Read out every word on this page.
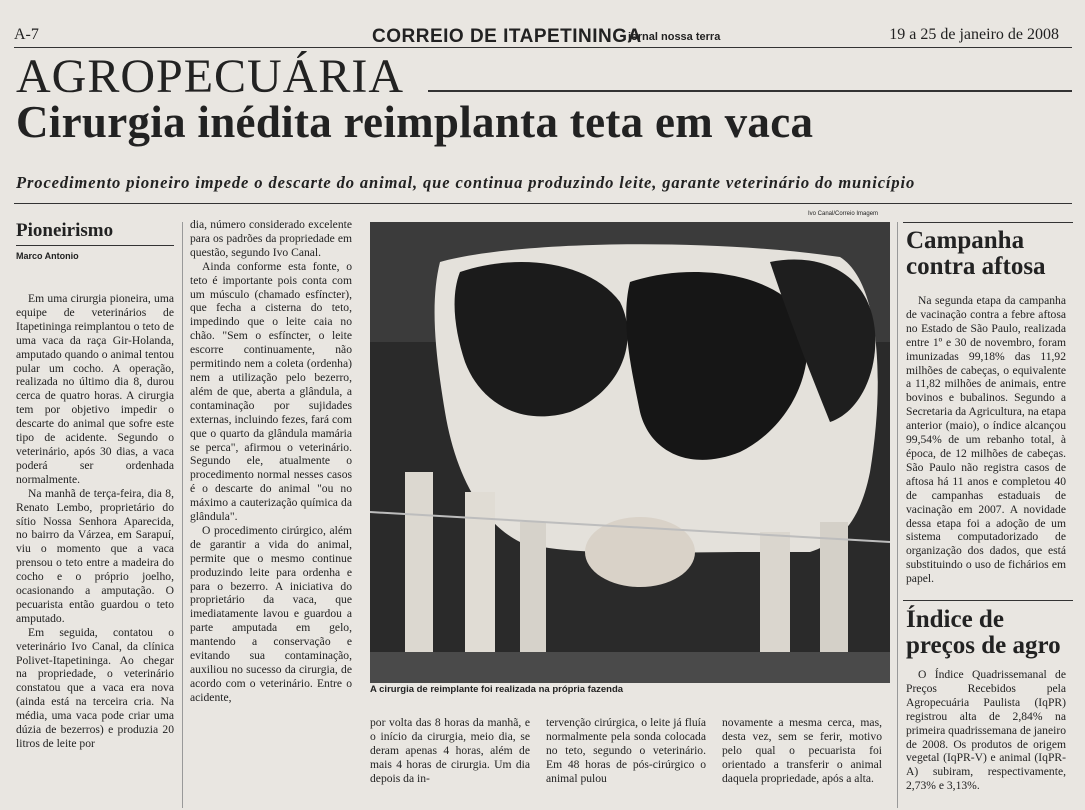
A-7	CORREIO DE ITAPETININGA
jornal nossa terra	19 a 25 de janeiro de 2008
AGROPECUÁRIA
Cirurgia inédita reimplanta teta em vaca
Procedimento pioneiro impede o descarte do animal, que continua produzindo leite, garante veterinário do município
Pioneirismo
Marco Antonio

Em uma cirurgia pioneira, uma equipe de veterinários de Itapetininga reimplantou o teto de uma vaca da raça Gir-Holanda, amputado quando o animal tentou pular um cocho. A operação, realizada no último dia 8, durou cerca de quatro horas. A cirurgia tem por objetivo impedir o descarte do animal que sofre este tipo de acidente. Segundo o veterinário, após 30 dias, a vaca poderá ser ordenhada normalmente.

Na manhã de terça-feira, dia 8, Renato Lembo, proprietário do sítio Nossa Senhora Aparecida, no bairro da Várzea, em Sarapuí, viu o momento que a vaca prensou o teto entre a madeira do cocho e o próprio joelho, ocasionando a amputação. O pecuarista então guardou o teto amputado.

Em seguida, contatou o veterinário Ivo Canal, da clínica Polivet-Itapetininga. Ao chegar na propriedade, o veterinário constatou que a vaca era nova (ainda está na terceira cria. Na média, uma vaca pode criar uma dúzia de bezerros) e produzia 20 litros de leite por

dia, número considerado excelente para os padrões da propriedade em questão, segundo Ivo Canal.

Ainda conforme esta fonte, o teto é importante pois conta com um músculo (chamado esfíncter), que fecha a cisterna do teto, impedindo que o leite caia no chão. "Sem o esfíncter, o leite escorre continuamente, não permitindo nem a coleta (ordenha) nem a utilização pelo bezerro, além de que, aberta a glândula, a contaminação por sujidades externas, incluindo fezes, fará com que o quarto da glândula mamária se perca", afirmou o veterinário. Segundo ele, atualmente o procedimento normal nesses casos é o descarte do animal "ou no máximo a cauterização química da glândula".

O procedimento cirúrgico, além de garantir a vida do animal, permite que o mesmo continue produzindo leite para ordenha e para o bezerro. A iniciativa do proprietário da vaca, que imediatamente lavou e guardou a parte amputada em gelo, mantendo a conservação e evitando sua contaminação, auxiliou no sucesso da cirurgia, de acordo com o veterinário. Entre o acidente,

Ivo Canal/Correio Imagem
A cirurgia de reimplante foi realizada na própria fazenda

por volta das 8 horas da manhã, e o início da cirurgia, meio dia, se deram apenas 4 horas, além de mais 4 horas de cirurgia. Um dia depois da in-

tervenção cirúrgica, o leite já fluía normalmente pela sonda colocada no teto, segundo o veterinário. Em 48 horas de pós-cirúrgico o animal pulou

novamente a mesma cerca, mas, desta vez, sem se ferir, motivo pelo qual o pecuarista foi orientado a transferir o animal daquela propriedade, após a alta.

Campanha
contra aftosa

Na segunda etapa da campanha de vacinação contra a febre aftosa no Estado de São Paulo, realizada entre 1º e 30 de novembro, foram imunizadas 99,18% das 11,92 milhões de cabeças, o equivalente a 11,82 milhões de animais, entre bovinos e bubalinos. Segundo a Secretaria da Agricultura, na etapa anterior (maio), o índice alcançou 99,54% de um rebanho total, à época, de 12 milhões de cabeças. São Paulo não registra casos de aftosa há 11 anos e completou 40 de campanhas estaduais de vacinação em 2007. A novidade dessa etapa foi a adoção de um sistema computadorizado de organização dos dados, que está substituindo o uso de fichários em papel.

Índice de
preços de agro

O Índice Quadrissemanal de Preços Recebidos pela Agropecuária Paulista (IqPR) registrou alta de 2,84% na primeira quadrissemana de janeiro de 2008. Os produtos de origem vegetal (IqPR-V) e animal (IqPR-A) subiram, respectivamente, 2,73% e 3,13%.
